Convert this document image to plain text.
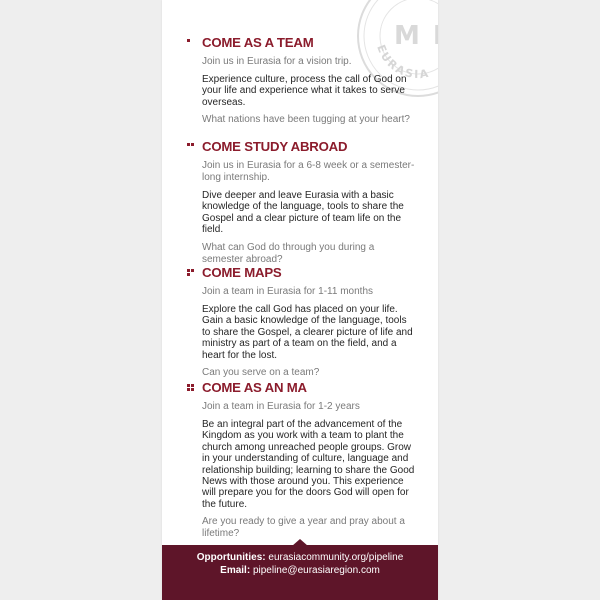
EURASIA
M E
COME AS A TEAM

Join us in Eurasia for a vision trip.

Experience culture, process the call of God on your life and experience what it takes to serve overseas.

What nations have been tugging at your heart?

COME STUDY ABROAD

Join us in Eurasia for a 6-8 week or a semester-long internship.

Dive deeper and leave Eurasia with a basic knowledge of the language, tools to share the Gospel and a clear picture of team life on the field.

What can God do through you during a semester abroad?

COME MAPS

Join a team in Eurasia for 1-11 months

Explore the call God has placed on your life. Gain a basic knowledge of the language, tools to share the Gospel, a clearer picture of life and ministry as part of a team on the field, and a heart for the lost.

Can you serve on a team?

COME AS AN MA

Join a team in Eurasia for 1-2 years

Be an integral part of the advancement of the Kingdom as you work with a team to plant the church among unreached people groups. Grow in your understanding of culture, language and relationship building; learning to share the Good News with those around you. This experience will prepare you for the doors God will open for the future.

Are you ready to give a year and pray about a lifetime?

Opportunities: eurasiacommunity.org/pipeline
Email: pipeline@eurasiaregion.com
